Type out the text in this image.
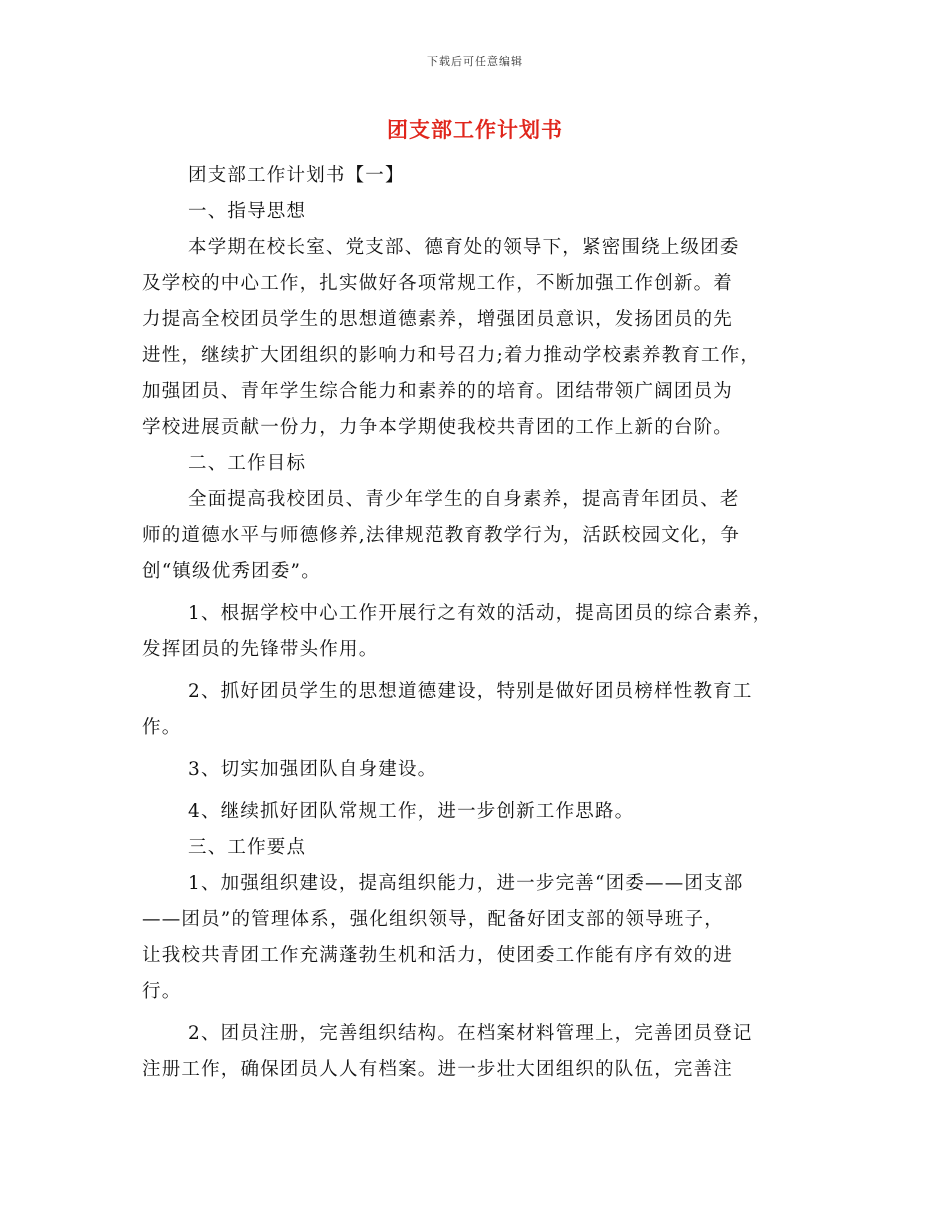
下载后可任意编辑
团支部工作计划书
团支部工作计划书【一】
一、指导思想
本学期在校长室、党支部、德育处的领导下，紧密围绕上级团委
及学校的中心工作，扎实做好各项常规工作，不断加强工作创新。着
力提高全校团员学生的思想道德素养，增强团员意识，发扬团员的先
进性，继续扩大团组织的影响力和号召力;着力推动学校素养教育工作，
加强团员、青年学生综合能力和素养的的培育。团结带领广阔团员为
学校进展贡献一份力，力争本学期使我校共青团的工作上新的台阶。
二、工作目标
全面提高我校团员、青少年学生的自身素养，提高青年团员、老
师的道德水平与师德修养,法律规范教育教学行为，活跃校园文化，争
创“镇级优秀团委”。
1、根据学校中心工作开展行之有效的活动，提高团员的综合素养，
发挥团员的先锋带头作用。
2、抓好团员学生的思想道德建设，特别是做好团员榜样性教育工
作。
3、切实加强团队自身建设。
4、继续抓好团队常规工作，进一步创新工作思路。
三、工作要点
1、加强组织建设，提高组织能力，进一步完善“团委——团支部
——团员”的管理体系，强化组织领导，配备好团支部的领导班子，
让我校共青团工作充满蓬勃生机和活力，使团委工作能有序有效的进
行。
2、团员注册，完善组织结构。在档案材料管理上，完善团员登记
注册工作，确保团员人人有档案。进一步壮大团组织的队伍，完善注
